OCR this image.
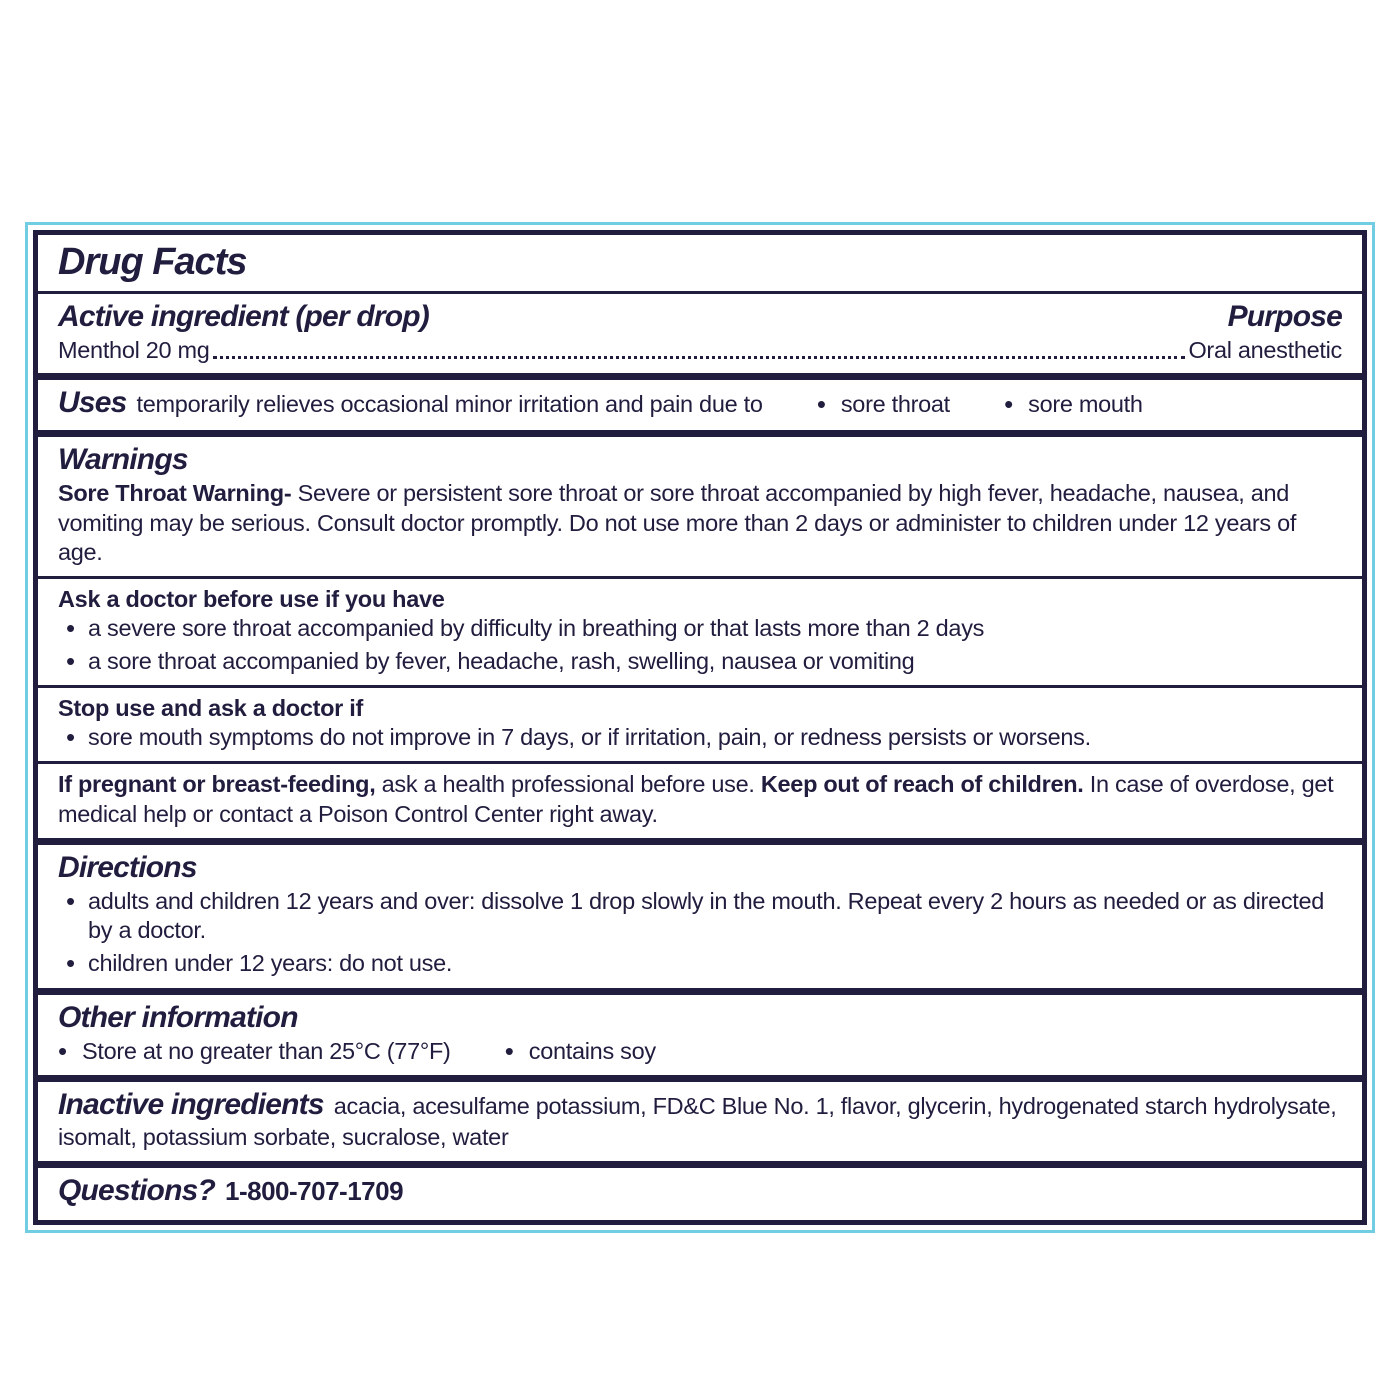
Drug Facts
Active ingredient (per drop)	Purpose
Menthol 20 mg	Oral anesthetic
Uses temporarily relieves occasional minor irritation and pain due to	• sore throat	• sore mouth
Warnings
Sore Throat Warning- Severe or persistent sore throat or sore throat accompanied by high fever, headache, nausea, and vomiting may be serious. Consult doctor promptly. Do not use more than 2 days or administer to children under 12 years of age.
Ask a doctor before use if you have
• a severe sore throat accompanied by difficulty in breathing or that lasts more than 2 days
• a sore throat accompanied by fever, headache, rash, swelling, nausea or vomiting
Stop use and ask a doctor if
• sore mouth symptoms do not improve in 7 days, or if irritation, pain, or redness persists or worsens.
If pregnant or breast-feeding, ask a health professional before use. Keep out of reach of children. In case of overdose, get medical help or contact a Poison Control Center right away.
Directions
• adults and children 12 years and over: dissolve 1 drop slowly in the mouth. Repeat every 2 hours as needed or as directed by a doctor.
• children under 12 years: do not use.
Other information
• Store at no greater than 25°C (77°F)	• contains soy
Inactive ingredients acacia, acesulfame potassium, FD&C Blue No. 1, flavor, glycerin, hydrogenated starch hydrolysate, isomalt, potassium sorbate, sucralose, water
Questions? 1-800-707-1709
